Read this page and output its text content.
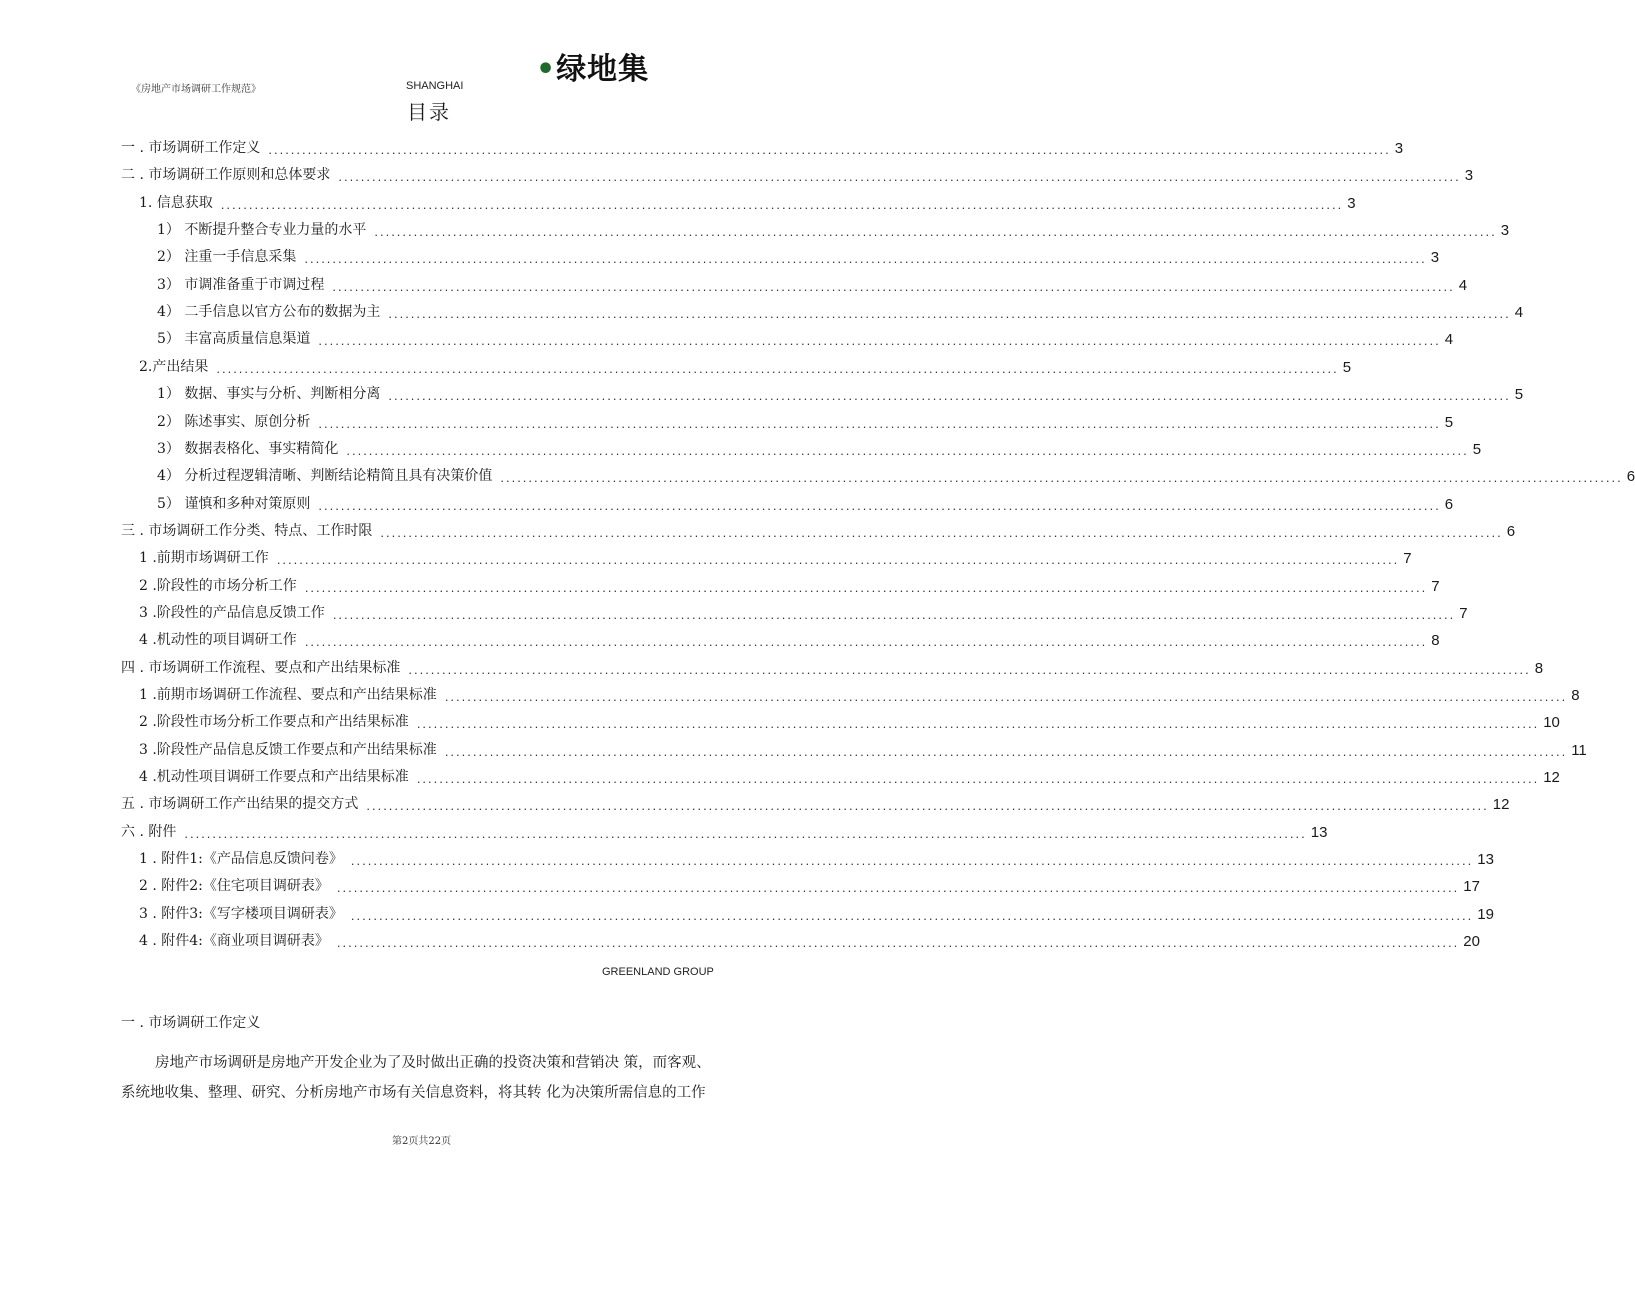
《房地产市场调研工作规范》	SHANGHAI •绿地集
目录
一 . 市场调研工作定义 ........................................................................................................................................................................................................ 3
二 . 市场调研工作原则和总体要求 ........................................................................................................................................................................................................ 3
1. 信息获取 ........................................................................................................................................................................................................ 3
1） 不断提升整合专业力量的水平 ........................................................................................................................................................................................................ 3
2） 注重一手信息采集 ........................................................................................................................................................................................................ 3
3） 市调准备重于市调过程 ........................................................................................................................................................................................................ 4
4） 二手信息以官方公布的数据为主 ........................................................................................................................................................................................................ 4
5） 丰富高质量信息渠道 ........................................................................................................................................................................................................ 4
2.产出结果 ........................................................................................................................................................................................................ 5
1） 数据、事实与分析、判断相分离 ........................................................................................................................................................................................................ 5
2） 陈述事实、原创分析 ........................................................................................................................................................................................................ 5
3） 数据表格化、事实精简化 ........................................................................................................................................................................................................ 5
4） 分析过程逻辑清晰、判断结论精简且具有决策价值 ........................................................................................................................................................................................................ 6
5） 谨慎和多种对策原则 ........................................................................................................................................................................................................ 6
三 . 市场调研工作分类、特点、工作时限 ........................................................................................................................................................................................................ 6
1 .前期市场调研工作 ........................................................................................................................................................................................................ 7
2 .阶段性的市场分析工作 ........................................................................................................................................................................................................ 7
3 .阶段性的产品信息反馈工作 ........................................................................................................................................................................................................ 7
4 .机动性的项目调研工作 ........................................................................................................................................................................................................ 8
四 . 市场调研工作流程、要点和产出结果标准 ........................................................................................................................................................................................................ 8
1 .前期市场调研工作流程、要点和产出结果标准 ........................................................................................................................................................................................................ 8
2 .阶段性市场分析工作要点和产出结果标准 ........................................................................................................................................................................................................ 10
3 .阶段性产品信息反馈工作要点和产出结果标准 ........................................................................................................................................................................................................ 11
4 .机动性项目调研工作要点和产出结果标准 ........................................................................................................................................................................................................ 12
五 . 市场调研工作产出结果的提交方式 ........................................................................................................................................................................................................ 12
六 . 附件 ........................................................................................................................................................................................................ 13
1 . 附件1:《产品信息反馈问卷》 ........................................................................................................................................................................................................ 13
2 . 附件2:《住宅项目调研表》 ........................................................................................................................................................................................................ 17
3 . 附件3:《写字楼项目调研表》 ........................................................................................................................................................................................................ 19
4 . 附件4:《商业项目调研表》 ........................................................................................................................................................................................................ 20
GREENLAND GROUP
一 . 市场调研工作定义

房地产市场调研是房地产开发企业为了及时做出正确的投资决策和营销决 策，而客观、

系统地收集、整理、研究、分析房地产市场有关信息资料，将其转 化为决策所需信息的工作

第2页共22页
